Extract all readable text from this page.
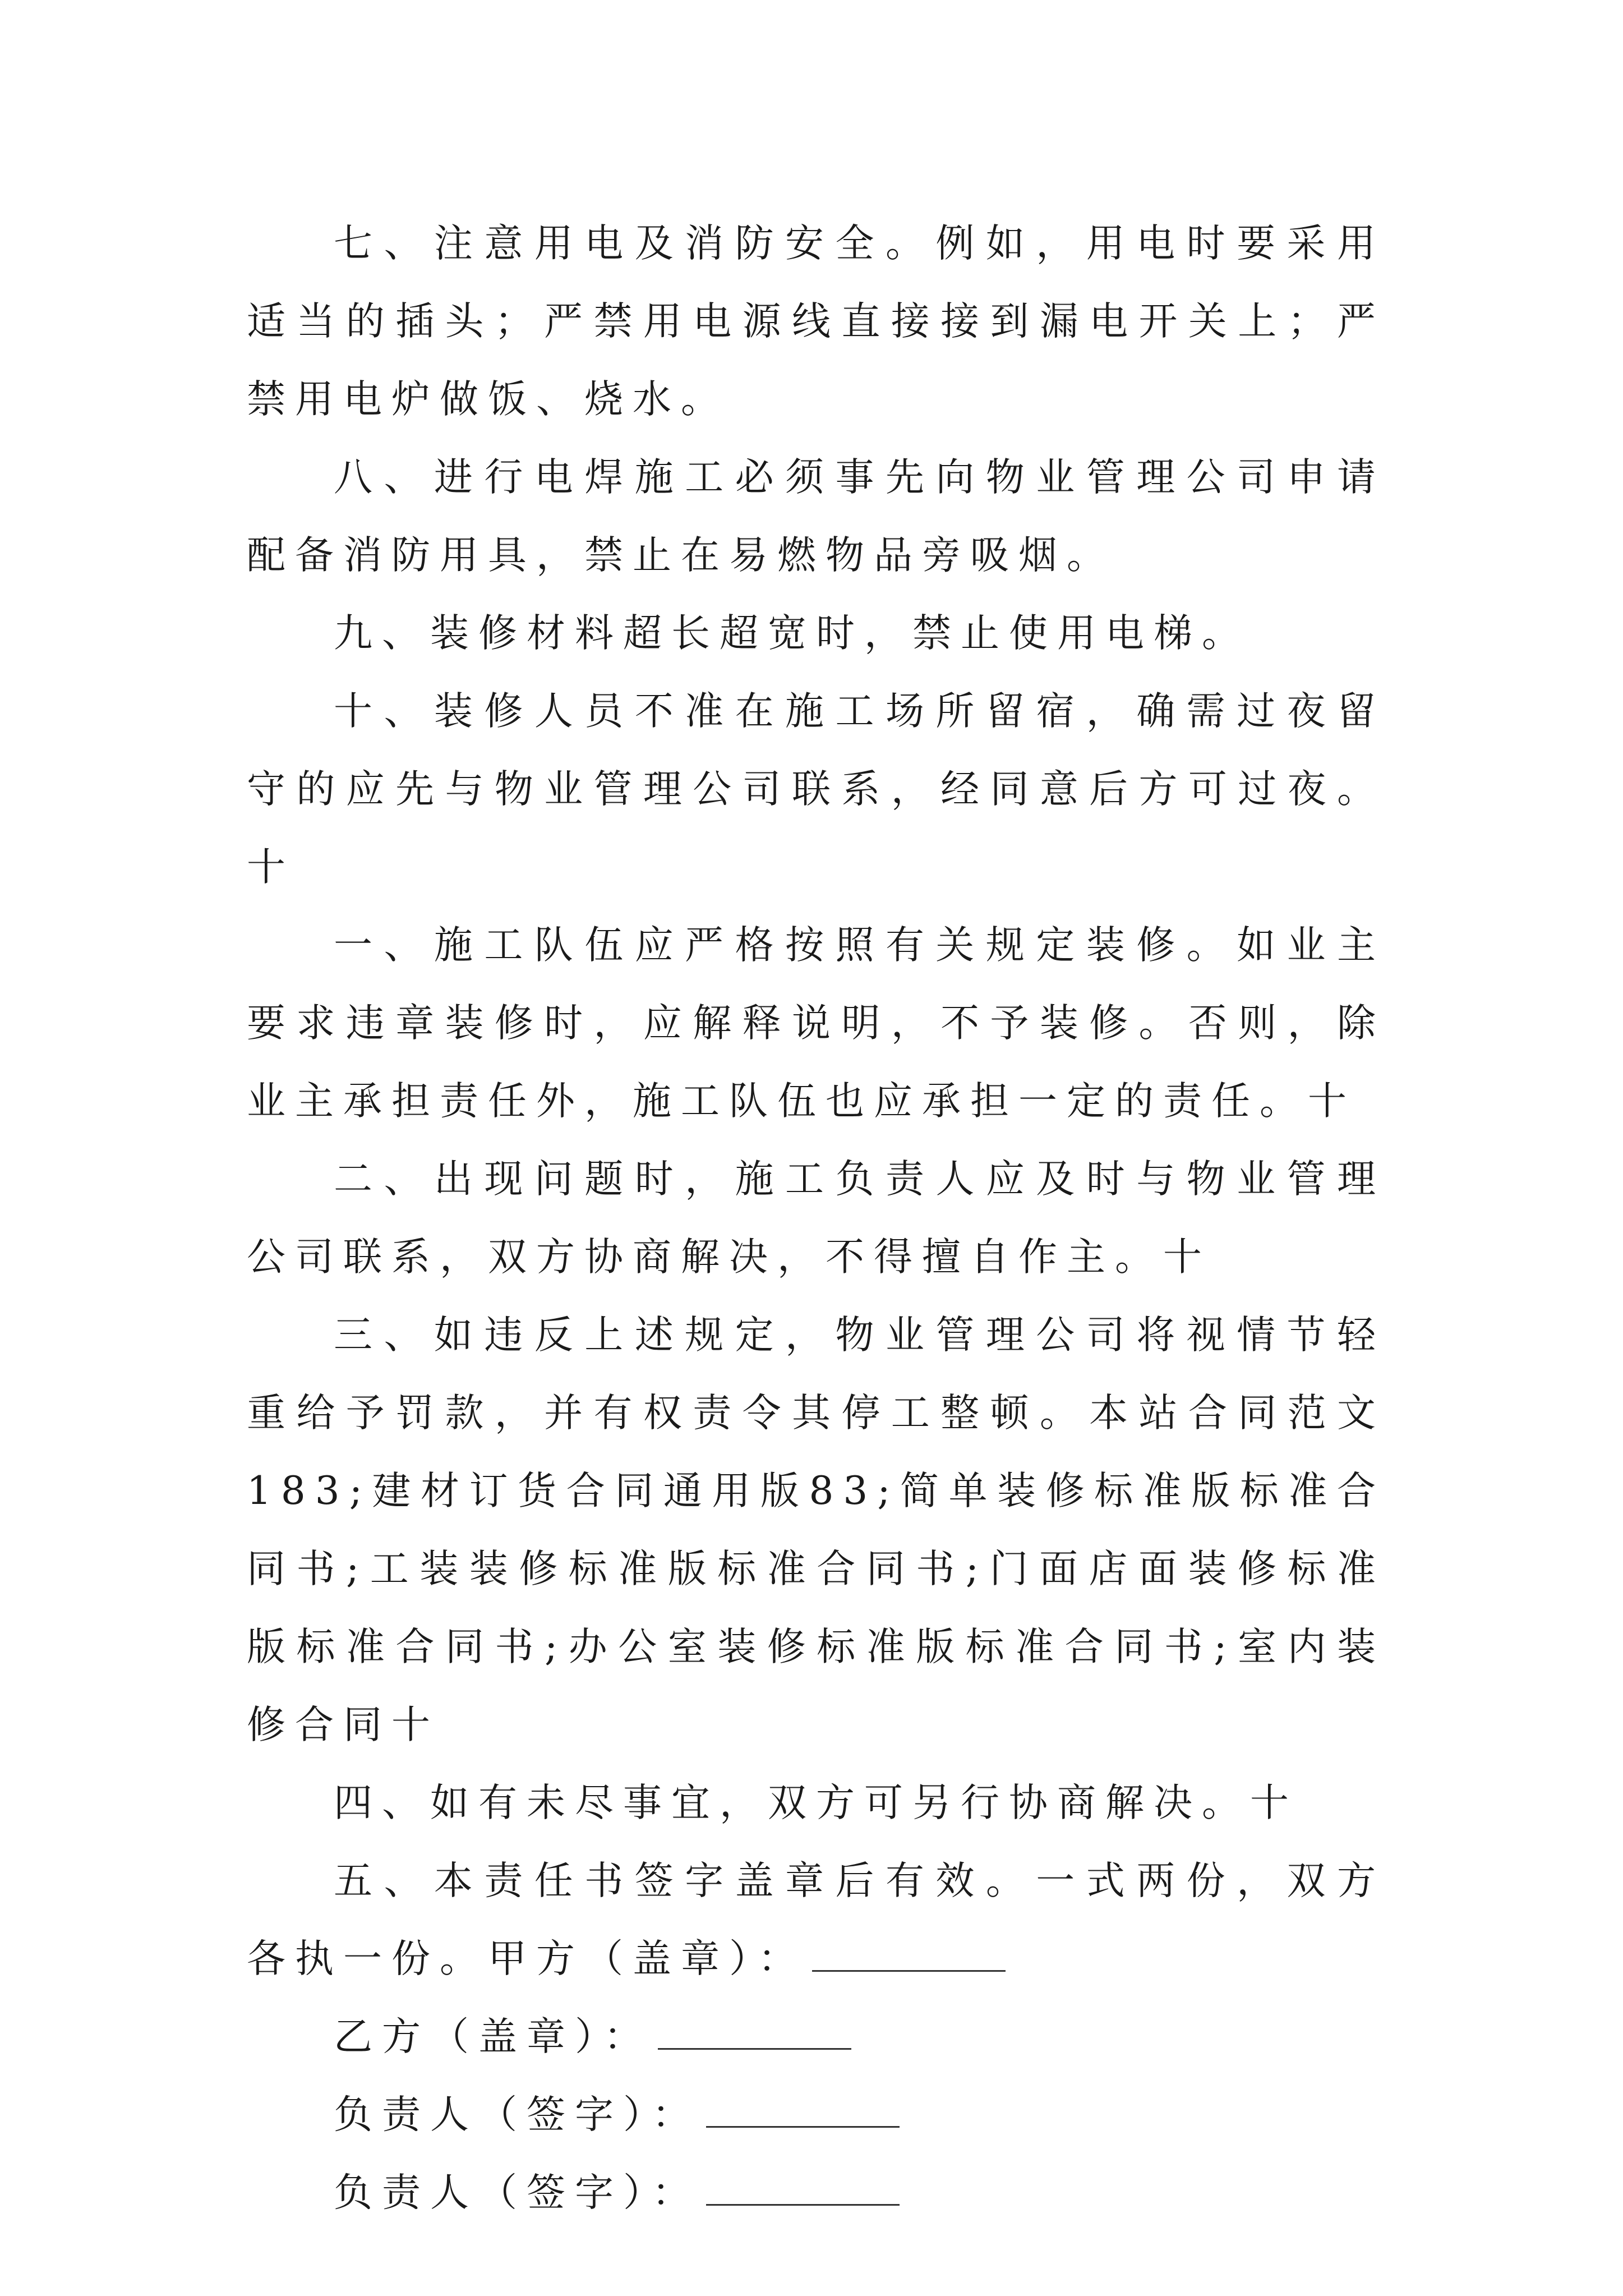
七、注意用电及消防安全。例如，用电时要采用适当的插头；严禁用电源线直接接到漏电开关上；严禁用电炉做饭、烧水。

八、进行电焊施工必须事先向物业管理公司申请配备消防用具，禁止在易燃物品旁吸烟。

九、装修材料超长超宽时，禁止使用电梯。

十、装修人员不准在施工场所留宿，确需过夜留守的应先与物业管理公司联系，经同意后方可过夜。十

一、施工队伍应严格按照有关规定装修。如业主要求违章装修时，应解释说明，不予装修。否则，除业主承担责任外，施工队伍也应承担一定的责任。十

二、出现问题时，施工负责人应及时与物业管理公司联系，双方协商解决，不得擅自作主。十

三、如违反上述规定，物业管理公司将视情节轻重给予罚款，并有权责令其停工整顿。本站合同范文183;建材订货合同通用版83;简单装修标准版标准合同书;工装装修标准版标准合同书;门面店面装修标准版标准合同书;办公室装修标准版标准合同书;室内装修合同十

四、如有未尽事宜，双方可另行协商解决。十

五、本责任书签字盖章后有效。一式两份，双方各执一份。甲方（盖章）：

乙方（盖章）：

负责人（签字）：

负责人（签字）：
